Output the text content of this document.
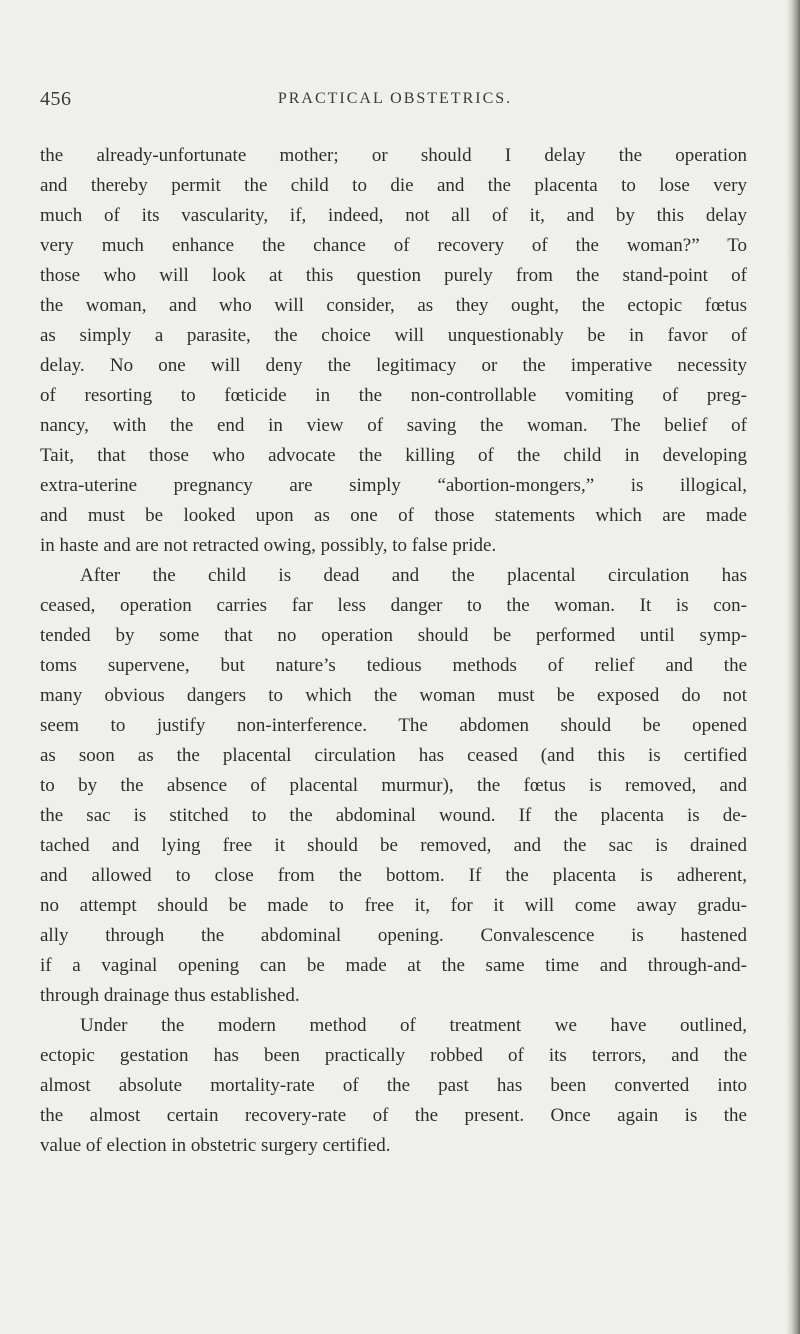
456	PRACTICAL OBSTETRICS.
the already-unfortunate mother; or should I delay the operation
and thereby permit the child to die and the placenta to lose very
much of its vascularity, if, indeed, not all of it, and by this delay
very much enhance the chance of recovery of the woman?” To
those who will look at this question purely from the stand-point of
the woman, and who will consider, as they ought, the ectopic fœtus
as simply a parasite, the choice will unquestionably be in favor of
delay. No one will deny the legitimacy or the imperative necessity
of resorting to fœticide in the non-controllable vomiting of preg-
nancy, with the end in view of saving the woman. The belief of
Tait, that those who advocate the killing of the child in developing
extra-uterine pregnancy are simply “abortion-mongers,” is illogical,
and must be looked upon as one of those statements which are made
in haste and are not retracted owing, possibly, to false pride.
After the child is dead and the placental circulation has
ceased, operation carries far less danger to the woman. It is con-
tended by some that no operation should be performed until symp-
toms supervene, but nature’s tedious methods of relief and the
many obvious dangers to which the woman must be exposed do not
seem to justify non-interference. The abdomen should be opened
as soon as the placental circulation has ceased (and this is certified
to by the absence of placental murmur), the fœtus is removed, and
the sac is stitched to the abdominal wound. If the placenta is de-
tached and lying free it should be removed, and the sac is drained
and allowed to close from the bottom. If the placenta is adherent,
no attempt should be made to free it, for it will come away gradu-
ally through the abdominal opening. Convalescence is hastened
if a vaginal opening can be made at the same time and through-and-
through drainage thus established.
Under the modern method of treatment we have outlined,
ectopic gestation has been practically robbed of its terrors, and the
almost absolute mortality-rate of the past has been converted into
the almost certain recovery-rate of the present. Once again is the
value of election in obstetric surgery certified.
